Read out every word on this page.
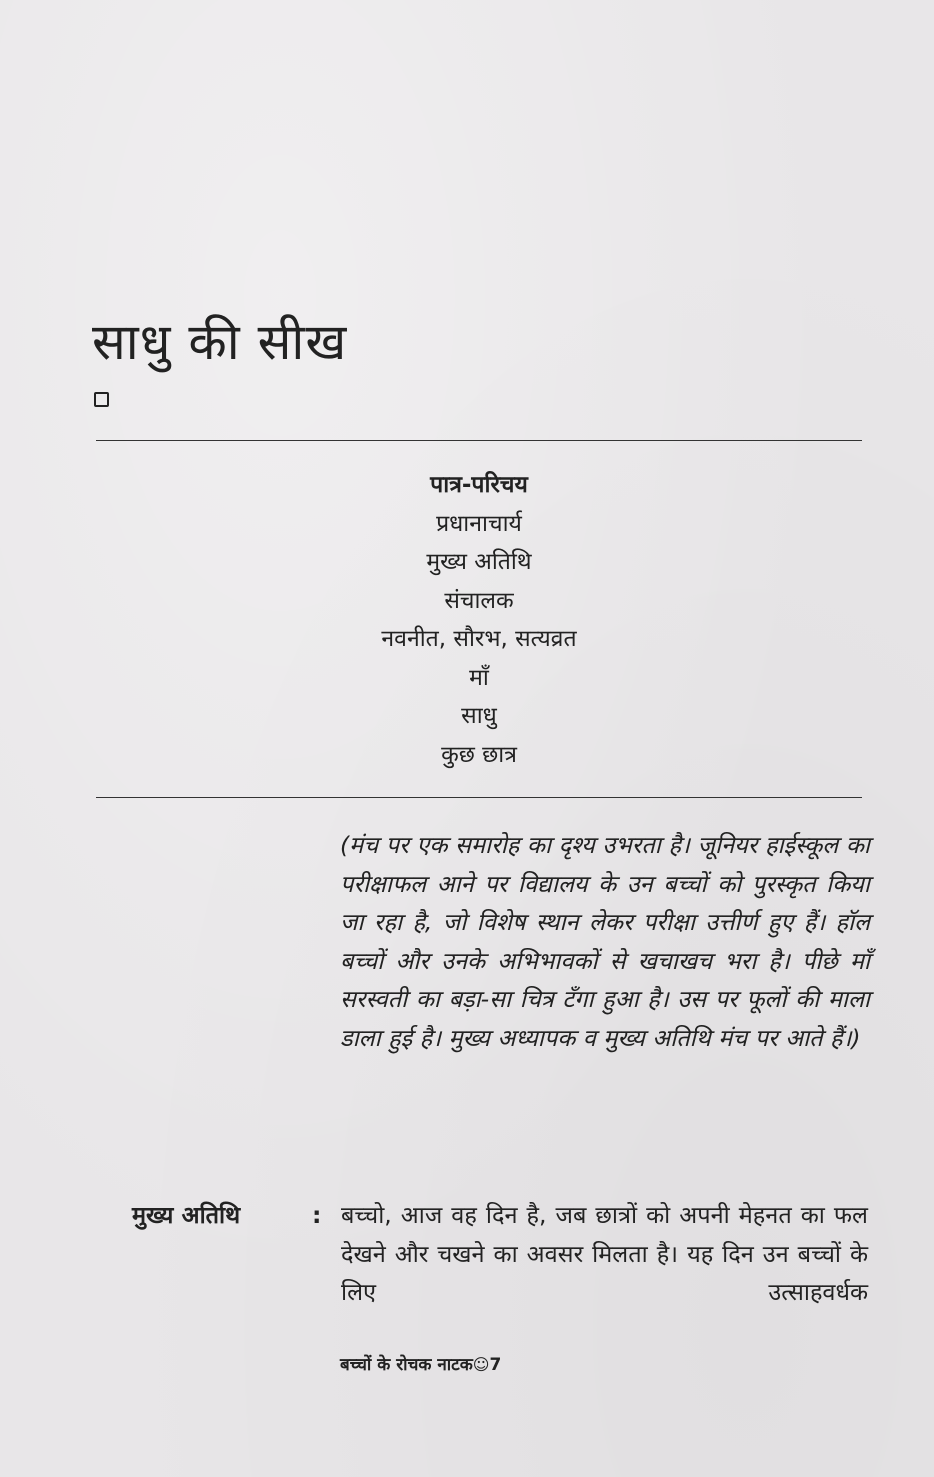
साधु की सीख
पात्र-परिचय
प्रधानाचार्य
मुख्य अतिथि
संचालक
नवनीत, सौरभ, सत्यव्रत
माँ
साधु
कुछ छात्र

(मंच पर एक समारोह का दृश्य उभरता है। जूनियर हाईस्कूल का परीक्षाफल आने पर विद्यालय के उन बच्चों को पुरस्कृत किया जा रहा है, जो विशेष स्थान लेकर परीक्षा उत्तीर्ण हुए हैं। हॉल बच्चों और उनके अभिभावकों से खचाखच भरा है। पीछे माँ सरस्वती का बड़ा-सा चित्र टँगा हुआ है। उस पर फूलों की माला डाला हुई है। मुख्य अध्यापक व मुख्य अतिथि मंच पर आते हैं।)

मुख्य अतिथि	: बच्चो, आज वह दिन है, जब छात्रों को अपनी मेहनत का फल देखने और चखने का अवसर मिलता है। यह दिन उन बच्चों के लिए उत्साहवर्धक

बच्चों के रोचक नाटक☺7
